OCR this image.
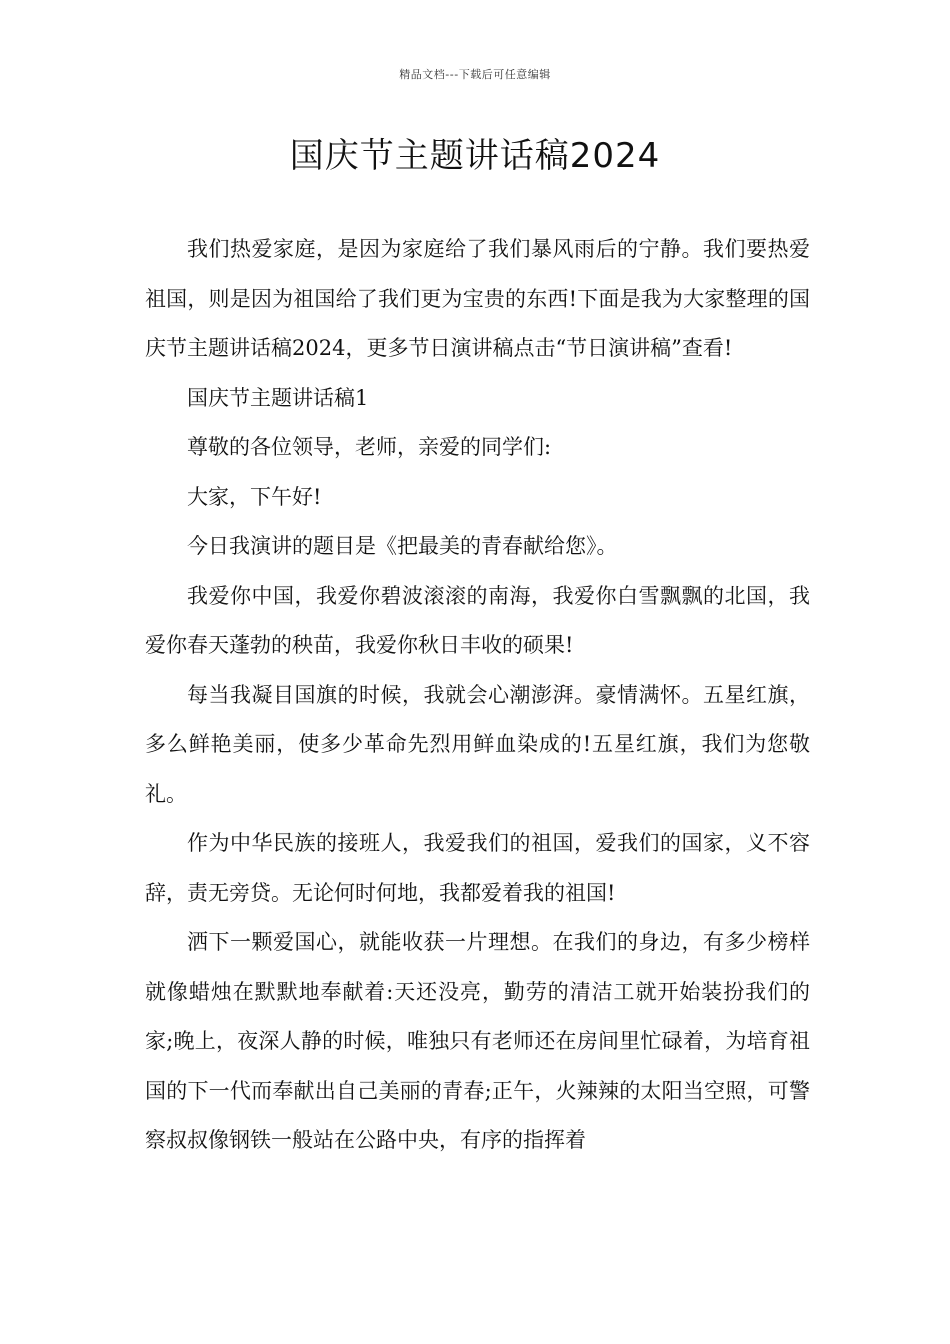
精品文档---下载后可任意编辑
国庆节主题讲话稿2024

我们热爱家庭，是因为家庭给了我们暴风雨后的宁静。我们要热爱祖国，则是因为祖国给了我们更为宝贵的东西!下面是我为大家整理的国庆节主题讲话稿2024，更多节日演讲稿点击“节日演讲稿”查看!

国庆节主题讲话稿1

尊敬的各位领导，老师，亲爱的同学们:

大家，下午好!

今日我演讲的题目是《把最美的青春献给您》。

我爱你中国，我爱你碧波滚滚的南海，我爱你白雪飘飘的北国，我爱你春天蓬勃的秧苗，我爱你秋日丰收的硕果!

每当我凝目国旗的时候，我就会心潮澎湃。豪情满怀。五星红旗，多么鲜艳美丽，使多少革命先烈用鲜血染成的!五星红旗，我们为您敬礼。

作为中华民族的接班人，我爱我们的祖国，爱我们的国家，义不容辞，责无旁贷。无论何时何地，我都爱着我的祖国!

洒下一颗爱国心，就能收获一片理想。在我们的身边，有多少榜样就像蜡烛在默默地奉献着:天还没亮，勤劳的清洁工就开始装扮我们的家;晚上，夜深人静的时候，唯独只有老师还在房间里忙碌着，为培育祖国的下一代而奉献出自己美丽的青春;正午，火辣辣的太阳当空照，可警察叔叔像钢铁一般站在公路中央，有序的指挥着
